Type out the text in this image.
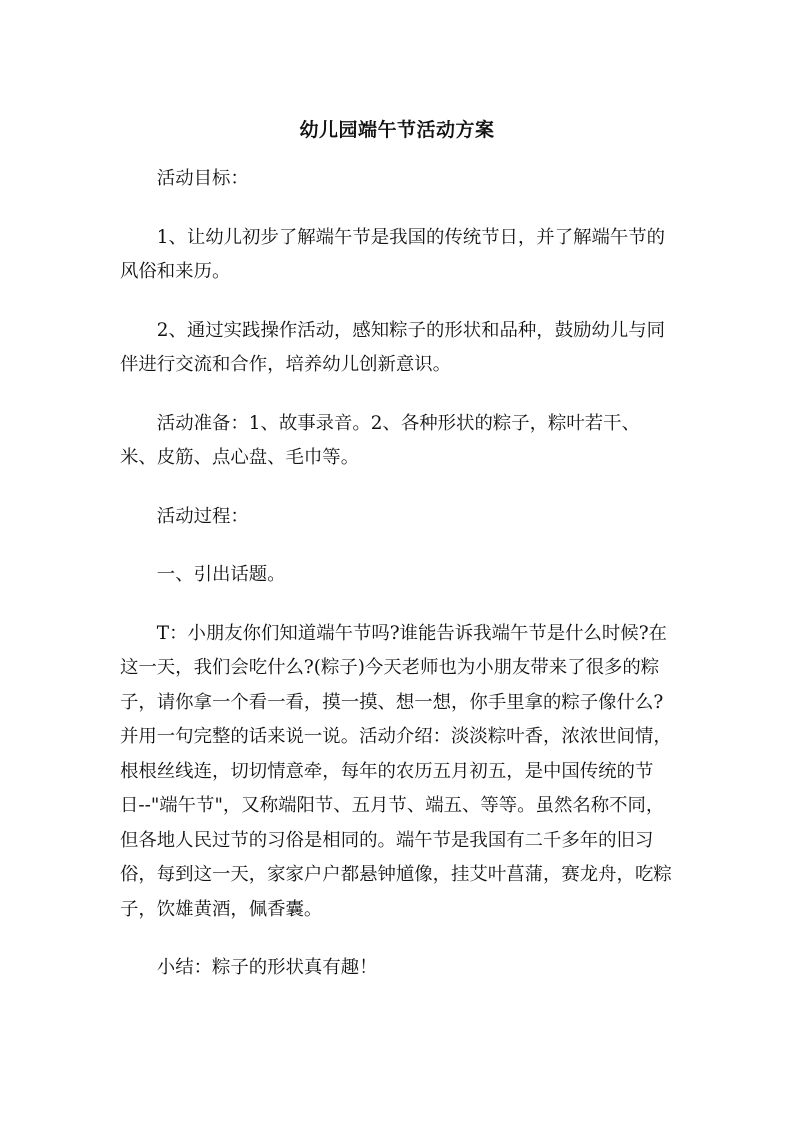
幼儿园端午节活动方案

活动目标：

1、让幼儿初步了解端午节是我国的传统节日，并了解端午节的风俗和来历。

2、通过实践操作活动，感知粽子的形状和品种，鼓励幼儿与同伴进行交流和合作，培养幼儿创新意识。

活动准备：1、故事录音。2、各种形状的粽子，粽叶若干、米、皮筋、点心盘、毛巾等。

活动过程：

一、引出话题。

T：小朋友你们知道端午节吗?谁能告诉我端午节是什么时候?在这一天，我们会吃什么?(粽子)今天老师也为小朋友带来了很多的粽子，请你拿一个看一看，摸一摸、想一想，你手里拿的粽子像什么?并用一句完整的话来说一说。活动介绍：淡淡粽叶香，浓浓世间情，根根丝线连，切切情意牵，每年的农历五月初五，是中国传统的节日--"端午节"，又称端阳节、五月节、端五、等等。虽然名称不同，但各地人民过节的习俗是相同的。端午节是我国有二千多年的旧习俗，每到这一天，家家户户都悬钟馗像，挂艾叶菖蒲，赛龙舟，吃粽子，饮雄黄酒，佩香囊。

小结：粽子的形状真有趣！
